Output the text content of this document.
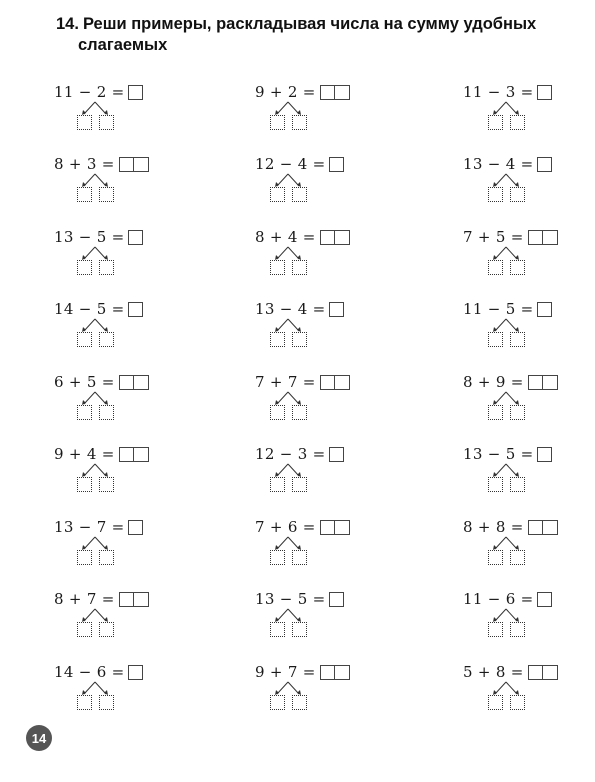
14. Реши примеры, раскладывая числа на сумму удобных
слагаемых
11 − 2 =	9 + 2 =	11 − 3 =
8 + 3 =	12 − 4 =	13 − 4 =
13 − 5 =	8 + 4 =	7 + 5 =
14 − 5 =	13 − 4 =	11 − 5 =
6 + 5 =	7 + 7 =	8 + 9 =
9 + 4 =	12 − 3 =	13 − 5 =
13 − 7 =	7 + 6 =	8 + 8 =
8 + 7 =	13 − 5 =	11 − 6 =
14 − 6 =	9 + 7 =	5 + 8 =
14
